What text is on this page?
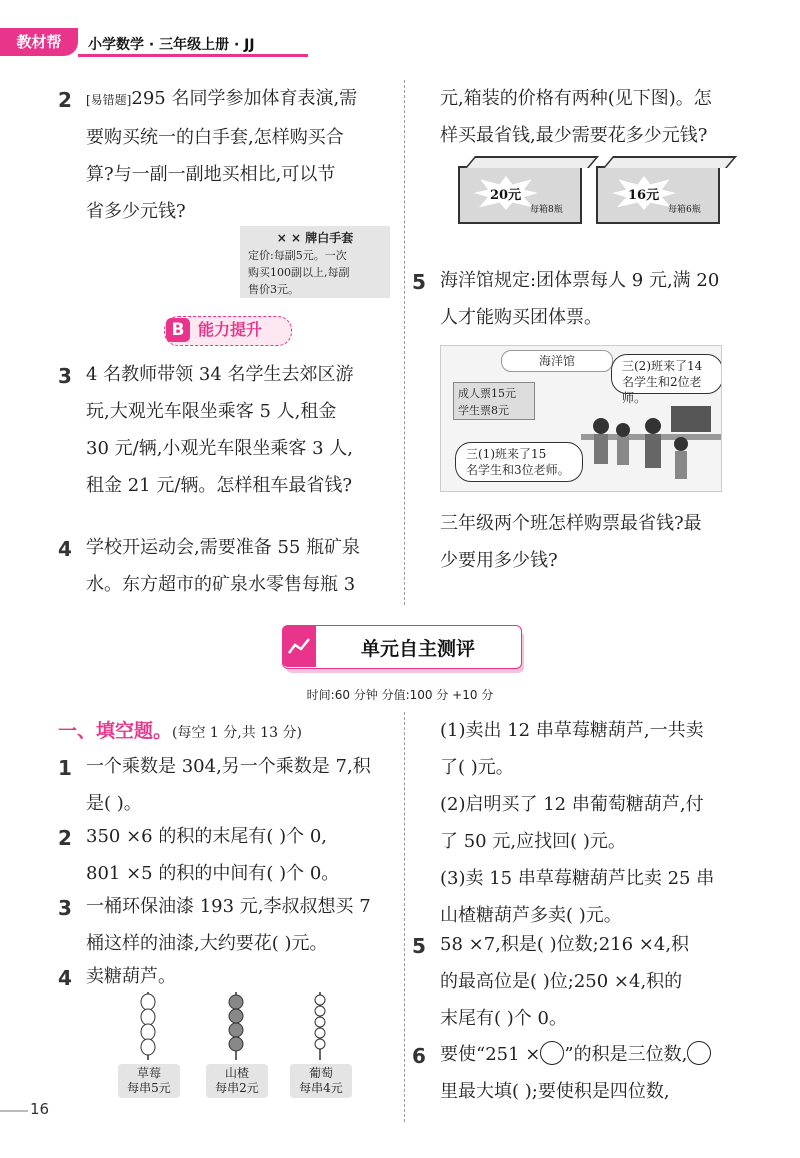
教材帮	小学数学 · 三年级上册 · JJ
2	[易错题]295 名同学参加体育表演,需
要购买统一的白手套,怎样购买合
算?与一副一副地买相比,可以节
省多少元钱?
× × 牌白手套
定价:每副5元。一次
购买100副以上,每副
售价3元。
B 能力提升
3 4 名教师带领 34 名学生去郊区游
玩,大观光车限坐乘客 5 人,租金
30 元/辆,小观光车限坐乘客 3 人,
租金 21 元/辆。怎样租车最省钱?
4 学校开运动会,需要准备 55 瓶矿泉
水。东方超市的矿泉水零售每瓶 3
元,箱装的价格有两种(见下图)。怎
样买最省钱,最少需要花多少元钱?
20元
每箱8瓶
16元
每箱6瓶
5 海洋馆规定:团体票每人 9 元,满 20
人才能购买团体票。
海洋馆
成人票15元
学生票8元
三(2)班来了14
名学生和2位老师。
三(1)班来了15
名学生和3位老师。
三年级两个班怎样购票最省钱?最
少要用多少钱?
单元自主测评
时间:60 分钟 分值:100 分 +10 分
一、填空题。(每空 1 分,共 13 分)
1 一个乘数是 304,另一个乘数是 7,积
是( )。
2 350 ×6 的积的末尾有( )个 0,
801 ×5 的积的中间有( )个 0。
3 一桶环保油漆 193 元,李叔叔想买 7
桶这样的油漆,大约要花( )元。
4 卖糖葫芦。
草莓
每串5元
山楂
每串2元
葡萄
每串4元
(1)卖出 12 串草莓糖葫芦,一共卖
了( )元。
(2)启明买了 12 串葡萄糖葫芦,付
了 50 元,应找回( )元。
(3)卖 15 串草莓糖葫芦比卖 25 串
山楂糖葫芦多卖( )元。
5 58 ×7,积是( )位数;216 ×4,积
的最高位是( )位;250 ×4,积的
末尾有( )个 0。
6 要使“251 × ”的积是三位数,
里最大填( );要使积是四位数,
16
